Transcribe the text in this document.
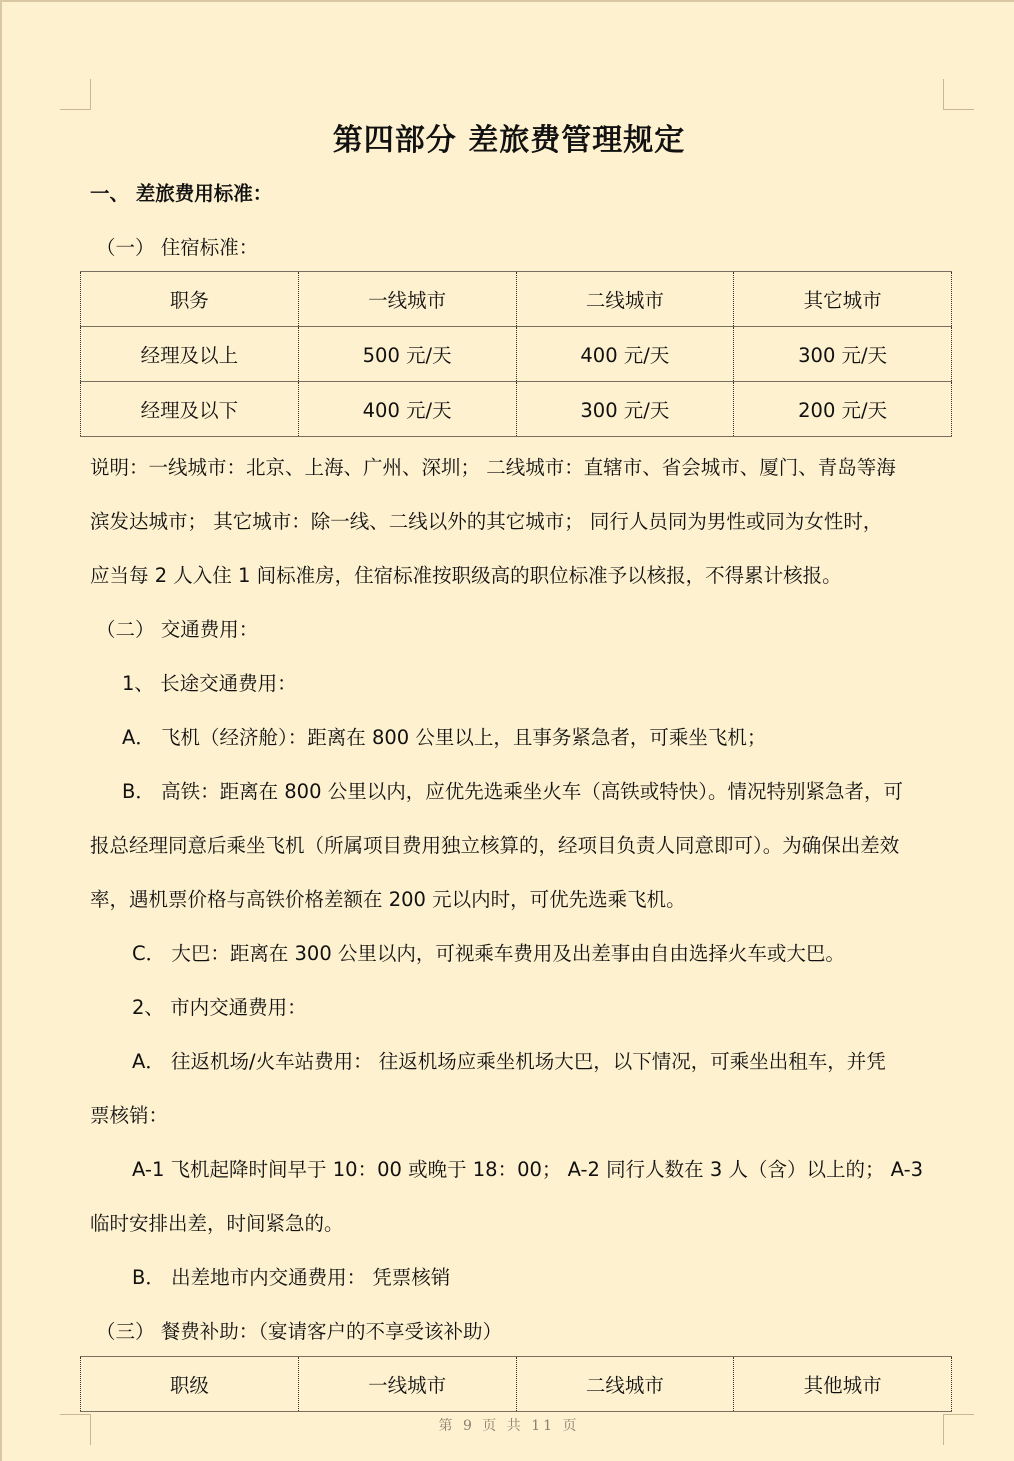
第四部分 差旅费管理规定
一、 差旅费用标准：
（一） 住宿标准：
职务	一线城市	二线城市	其它城市
经理及以上	500 元/天	400 元/天	300 元/天
经理及以下	400 元/天	300 元/天	200 元/天
说明：一线城市：北京、上海、广州、深圳； 二线城市：直辖市、省会城市、厦门、青岛等海
滨发达城市； 其它城市：除一线、二线以外的其它城市； 同行人员同为男性或同为女性时，
应当每 2 人入住 1 间标准房，住宿标准按职级高的职位标准予以核报，不得累计核报。
（二） 交通费用：
1、 长途交通费用：
A． 飞机（经济舱）：距离在 800 公里以上，且事务紧急者，可乘坐飞机；
B． 高铁：距离在 800 公里以内，应优先选乘坐火车（高铁或特快）。情况特别紧急者，可
报总经理同意后乘坐飞机（所属项目费用独立核算的，经项目负责人同意即可）。为确保出差效
率，遇机票价格与高铁价格差额在 200 元以内时，可优先选乘飞机。
C． 大巴：距离在 300 公里以内，可视乘车费用及出差事由自由选择火车或大巴。
2、 市内交通费用：
A． 往返机场/火车站费用： 往返机场应乘坐机场大巴，以下情况，可乘坐出租车，并凭
票核销：
A-1 飞机起降时间早于 10：00 或晚于 18：00； A-2 同行人数在 3 人（含）以上的； A-3
临时安排出差，时间紧急的。
B． 出差地市内交通费用： 凭票核销
（三） 餐费补助：（宴请客户的不享受该补助）
职级	一线城市	二线城市	其他城市
第 9 页 共 11 页
